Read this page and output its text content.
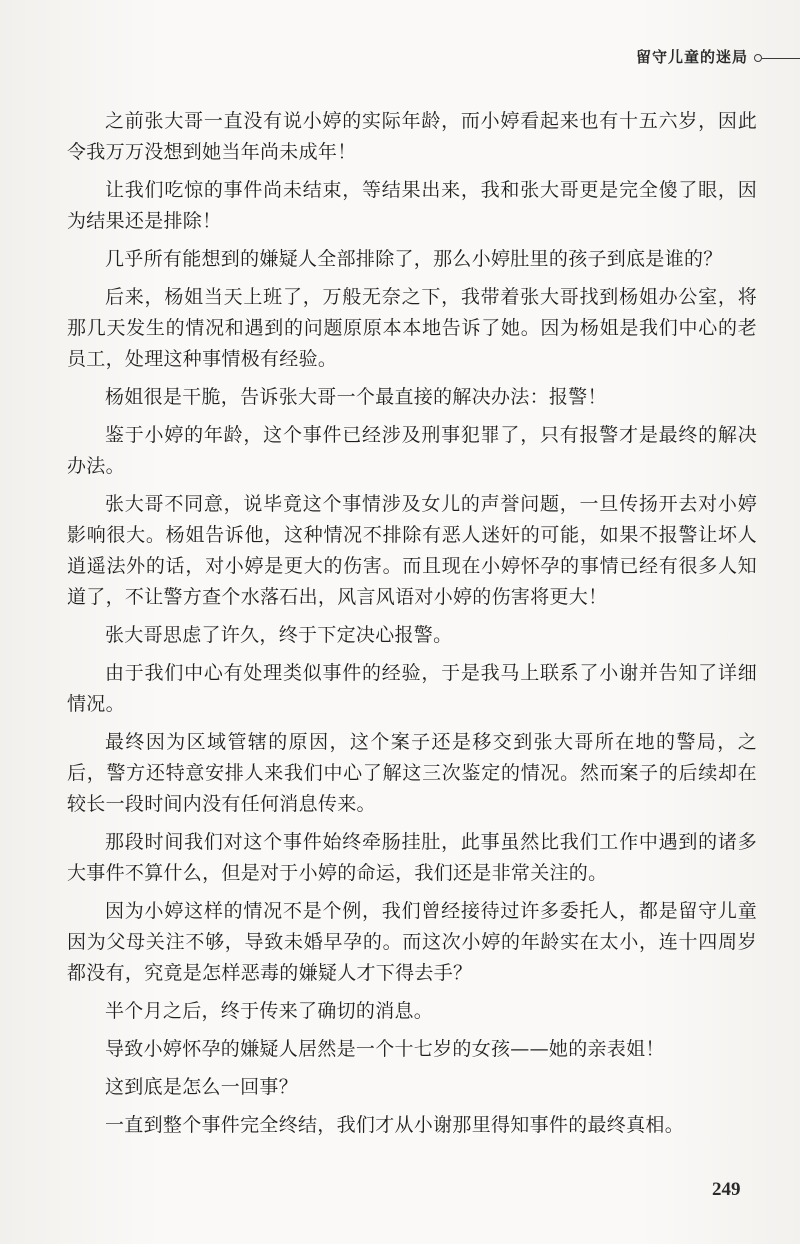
留守儿童的迷局

之前张大哥一直没有说小婷的实际年龄，而小婷看起来也有十五六岁，因此令我万万没想到她当年尚未成年！

让我们吃惊的事件尚未结束，等结果出来，我和张大哥更是完全傻了眼，因为结果还是排除！

几乎所有能想到的嫌疑人全部排除了，那么小婷肚里的孩子到底是谁的？

后来，杨姐当天上班了，万般无奈之下，我带着张大哥找到杨姐办公室，将那几天发生的情况和遇到的问题原原本本地告诉了她。因为杨姐是我们中心的老员工，处理这种事情极有经验。

杨姐很是干脆，告诉张大哥一个最直接的解决办法：报警！

鉴于小婷的年龄，这个事件已经涉及刑事犯罪了，只有报警才是最终的解决办法。

张大哥不同意，说毕竟这个事情涉及女儿的声誉问题，一旦传扬开去对小婷影响很大。杨姐告诉他，这种情况不排除有恶人迷奸的可能，如果不报警让坏人逍遥法外的话，对小婷是更大的伤害。而且现在小婷怀孕的事情已经有很多人知道了，不让警方查个水落石出，风言风语对小婷的伤害将更大！

张大哥思虑了许久，终于下定决心报警。

由于我们中心有处理类似事件的经验，于是我马上联系了小谢并告知了详细情况。

最终因为区域管辖的原因，这个案子还是移交到张大哥所在地的警局，之后，警方还特意安排人来我们中心了解这三次鉴定的情况。然而案子的后续却在较长一段时间内没有任何消息传来。

那段时间我们对这个事件始终牵肠挂肚，此事虽然比我们工作中遇到的诸多大事件不算什么，但是对于小婷的命运，我们还是非常关注的。

因为小婷这样的情况不是个例，我们曾经接待过许多委托人，都是留守儿童因为父母关注不够，导致未婚早孕的。而这次小婷的年龄实在太小，连十四周岁都没有，究竟是怎样恶毒的嫌疑人才下得去手？

半个月之后，终于传来了确切的消息。

导致小婷怀孕的嫌疑人居然是一个十七岁的女孩——她的亲表姐！

这到底是怎么一回事？

一直到整个事件完全终结，我们才从小谢那里得知事件的最终真相。

249
